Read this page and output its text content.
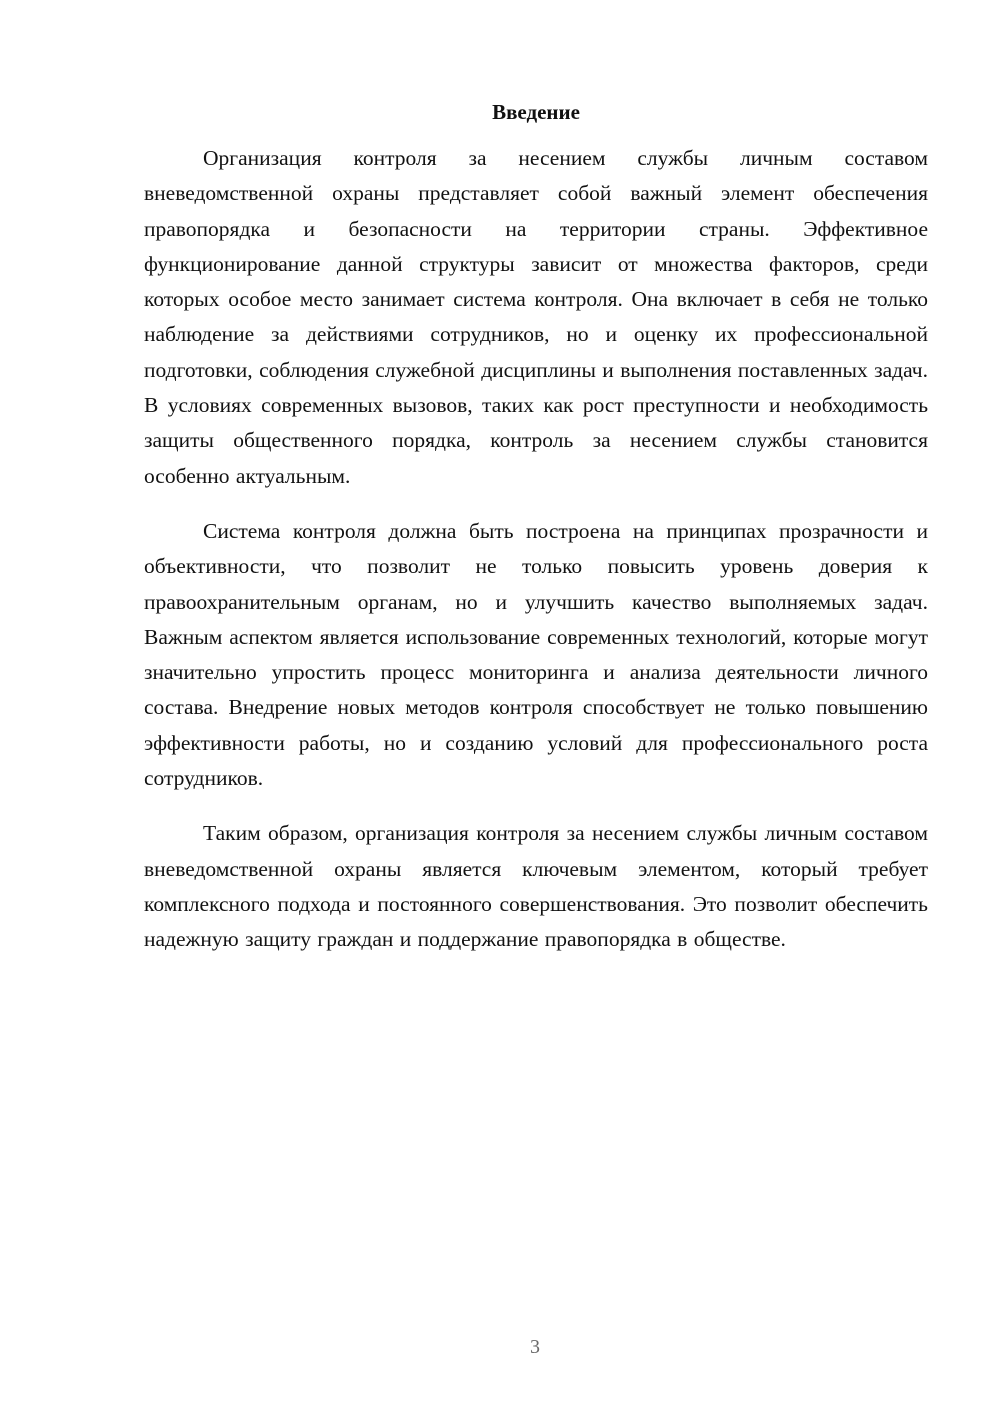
Введение

Организация контроля за несением службы личным составом вневедомственной охраны представляет собой важный элемент обеспечения правопорядка и безопасности на территории страны. Эффективное функционирование данной структуры зависит от множества факторов, среди которых особое место занимает система контроля. Она включает в себя не только наблюдение за действиями сотрудников, но и оценку их профессиональной подготовки, соблюдения служебной дисциплины и выполнения поставленных задач. В условиях современных вызовов, таких как рост преступности и необходимость защиты общественного порядка, контроль за несением службы становится особенно актуальным.

Система контроля должна быть построена на принципах прозрачности и объективности, что позволит не только повысить уровень доверия к правоохранительным органам, но и улучшить качество выполняемых задач. Важным аспектом является использование современных технологий, которые могут значительно упростить процесс мониторинга и анализа деятельности личного состава. Внедрение новых методов контроля способствует не только повышению эффективности работы, но и созданию условий для профессионального роста сотрудников.

Таким образом, организация контроля за несением службы личным составом вневедомственной охраны является ключевым элементом, который требует комплексного подхода и постоянного совершенствования. Это позволит обеспечить надежную защиту граждан и поддержание правопорядка в обществе.

3
